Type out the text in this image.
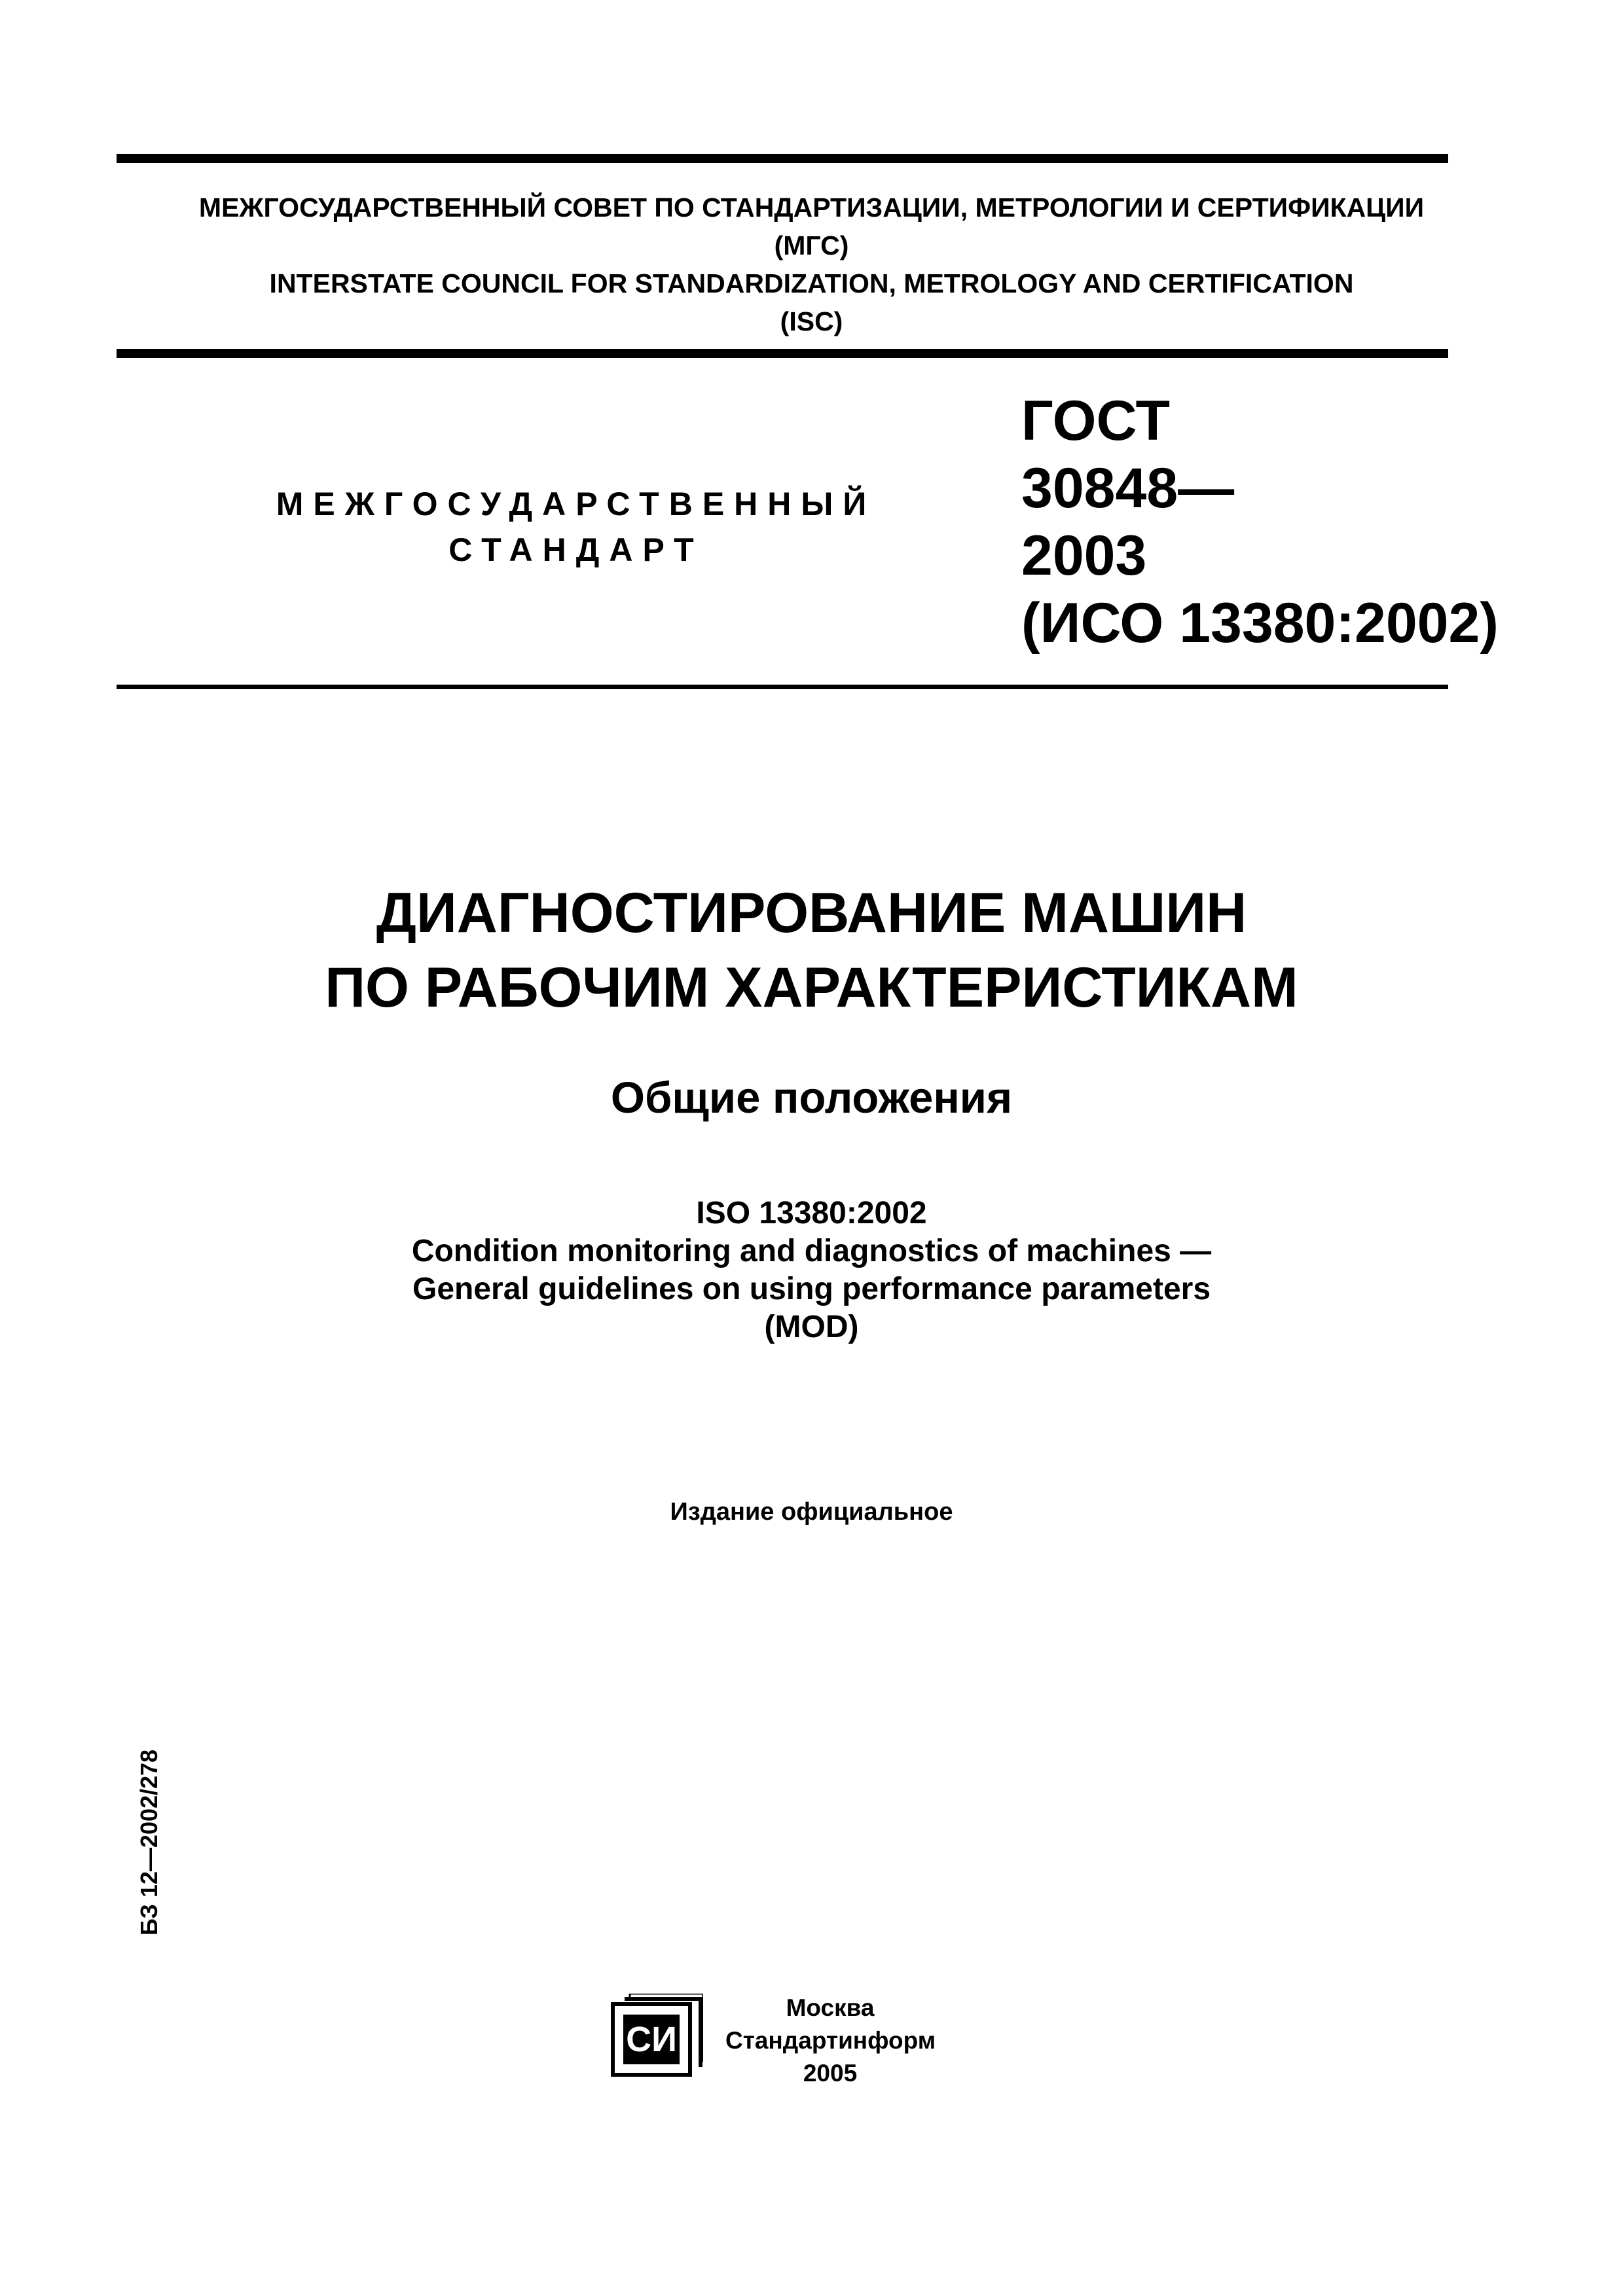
МЕЖГОСУДАРСТВЕННЫЙ СОВЕТ ПО СТАНДАРТИЗАЦИИ, МЕТРОЛОГИИ И СЕРТИФИКАЦИИ
(МГС)
INTERSTATE COUNCIL FOR STANDARDIZATION, METROLOGY AND CERTIFICATION
(ISC)
МЕЖГОСУДАРСТВЕННЫЙ
СТАНДАРТ
ГОСТ
30848—
2003
(ИСО 13380:2002)
ДИАГНОСТИРОВАНИЕ МАШИН
ПО РАБОЧИМ ХАРАКТЕРИСТИКАМ
Общие положения
ISO 13380:2002
Condition monitoring and diagnostics of machines —
General guidelines on using performance parameters
(MOD)
Издание официальное
БЗ 12—2002/278
СИ
Москва
Стандартинформ
2005
